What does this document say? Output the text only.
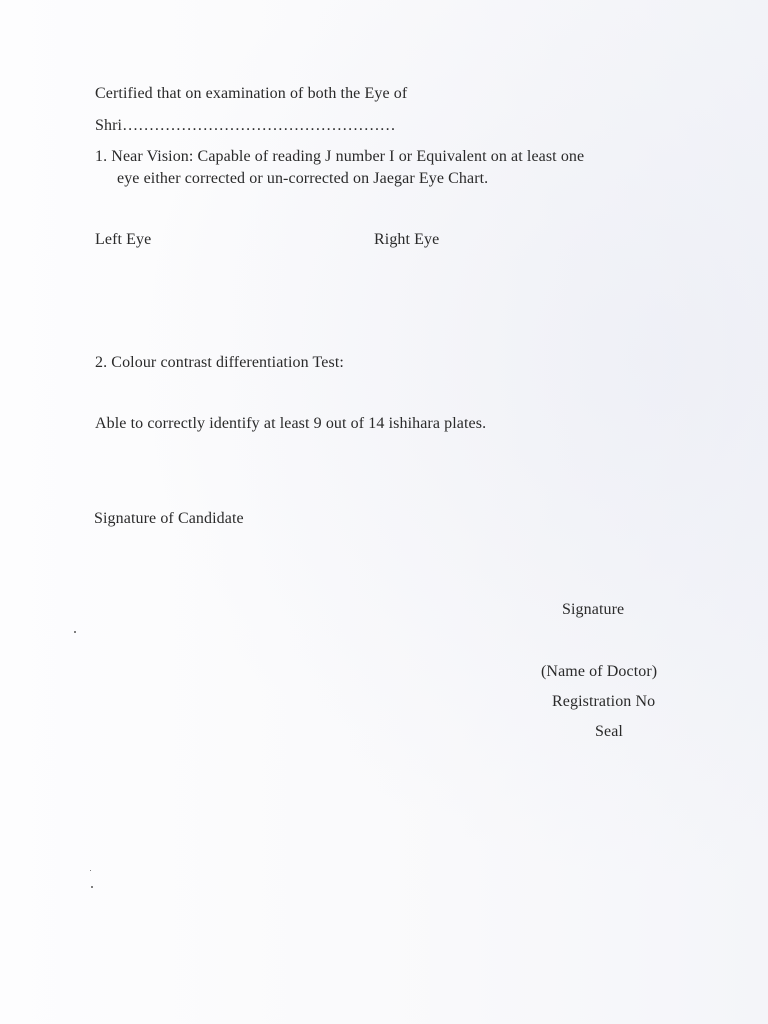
Certified that on examination of both the Eye of
Shri……………………………………………
1. Near Vision: Capable of reading J number I or Equivalent on at least one
eye either corrected or un-corrected on Jaegar Eye Chart.
Left Eye	Right Eye
2. Colour contrast differentiation Test:
Able to correctly identify at least 9 out of 14 ishihara plates.
Signature of Candidate
Signature
(Name of Doctor)
Registration No
Seal
